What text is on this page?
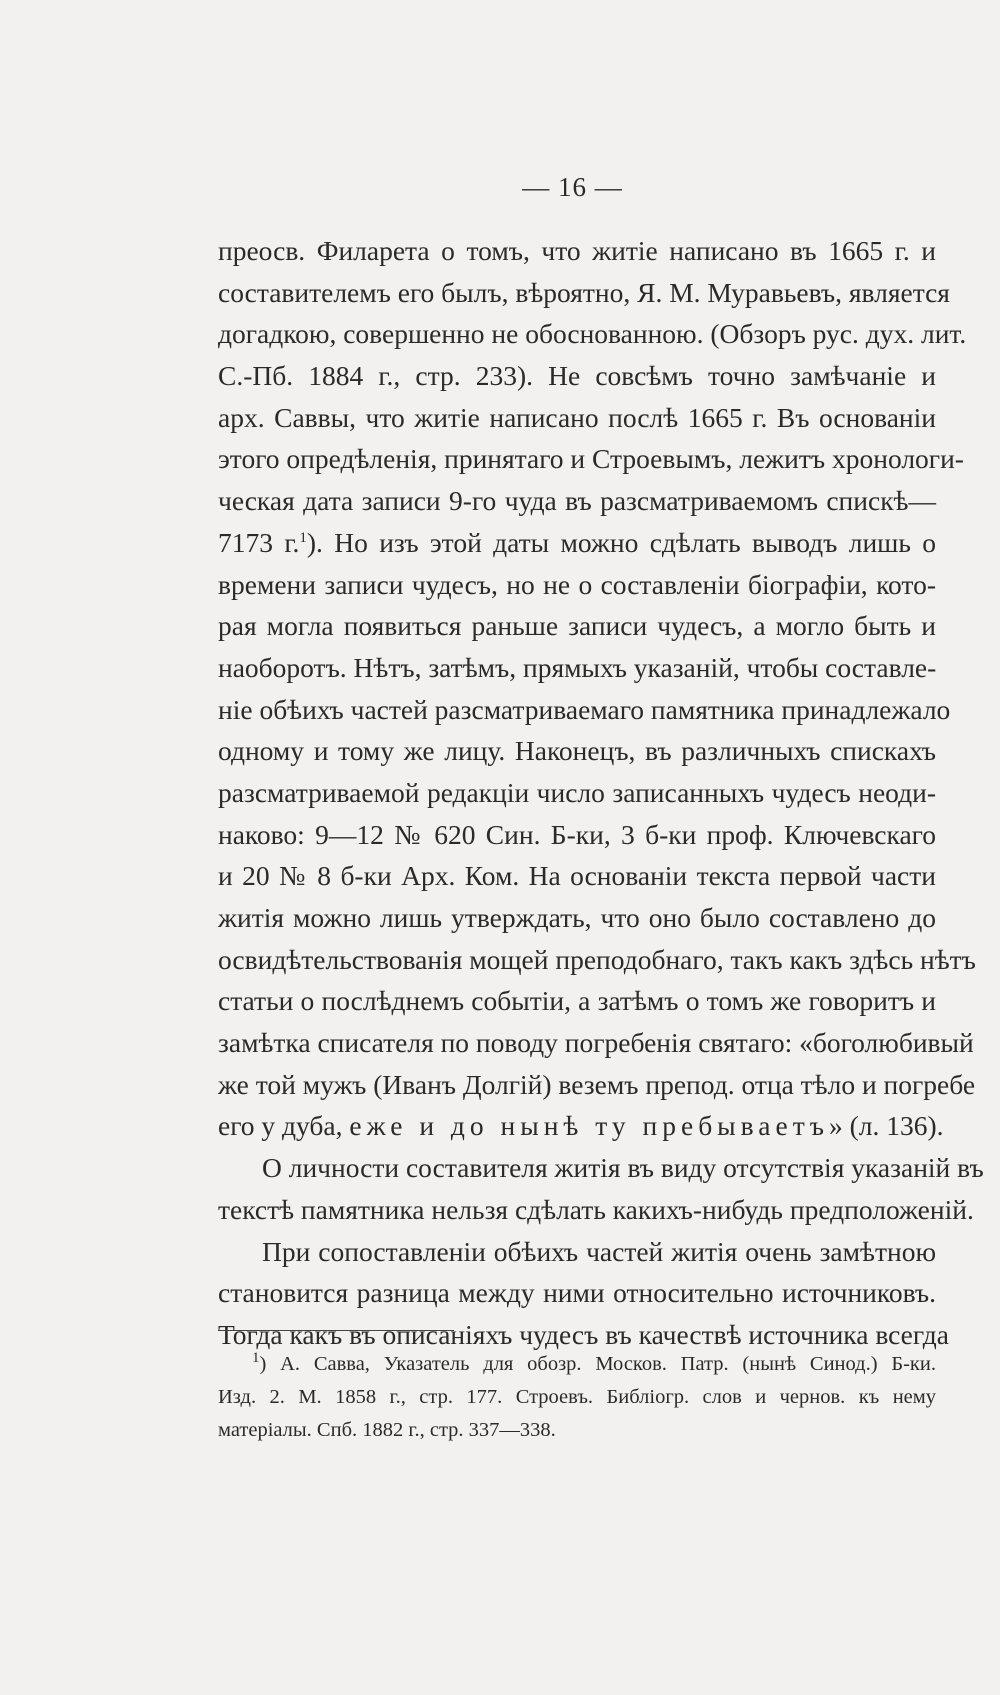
— 16 —
преосв. Филарета о томъ, что житіе написано въ 1665 г. и
составителемъ его былъ, вѣроятно, Я. М. Муравьевъ, является
догадкою, совершенно не обоснованною. (Обзоръ рус. дух. лит.
С.-Пб. 1884 г., стр. 233). Не совсѣмъ точно замѣчаніе и
арх. Саввы, что житіе написано послѣ 1665 г. Въ основаніи
этого опредѣленія, принятаго и Строевымъ, лежитъ хронологи-
ческая дата записи 9-го чуда въ разсматриваемомъ спискѣ—
7173 г.$^1$). Но изъ этой даты можно сдѣлать выводъ лишь о
времени записи чудесъ, но не о составленіи біографіи, кото-
рая могла появиться раньше записи чудесъ, а могло быть и
наоборотъ. Нѣтъ, затѣмъ, прямыхъ указаній, чтобы составле-
ніе обѣихъ частей разсматриваемаго памятника принадлежало
одному и тому же лицу. Наконецъ, въ различныхъ спискахъ
разсматриваемой редакціи число записанныхъ чудесъ неоди-
наково: 9—12 № 620 Син. Б-ки, 3 б-ки проф. Ключевскаго
и 20 № 8 б-ки Арх. Ком. На основаніи текста первой части
житія можно лишь утверждать, что оно было составлено до
освидѣтельствованія мощей преподобнаго, такъ какъ здѣсь нѣтъ
статьи о послѣднемъ событіи, а затѣмъ о томъ же говоритъ и
замѣтка списателя по поводу погребенія святаго: «боголюбивый
же той мужъ (Иванъ Долгій) веземъ препод. отца тѣло и погребе
его у дуба, еже и до нынѣ ту пребываетъ» (л. 136).
О личности составителя житія въ виду отсутствія указаній въ
текстѣ памятника нельзя сдѣлать какихъ-нибудь предположеній.
При сопоставленіи обѣихъ частей житія очень замѣтною
становится разница между ними относительно источниковъ.
Тогда какъ въ описаніяхъ чудесъ въ качествѣ источника всегда
$^1$) А. Савва, Указатель для обозр. Москов. Патр. (нынѣ Синод.) Б-ки.
Изд. 2. М. 1858 г., стр. 177. Строевъ. Библіогр. слов и чернов. къ нему
матеріалы. Спб. 1882 г., стр. 337—338.
